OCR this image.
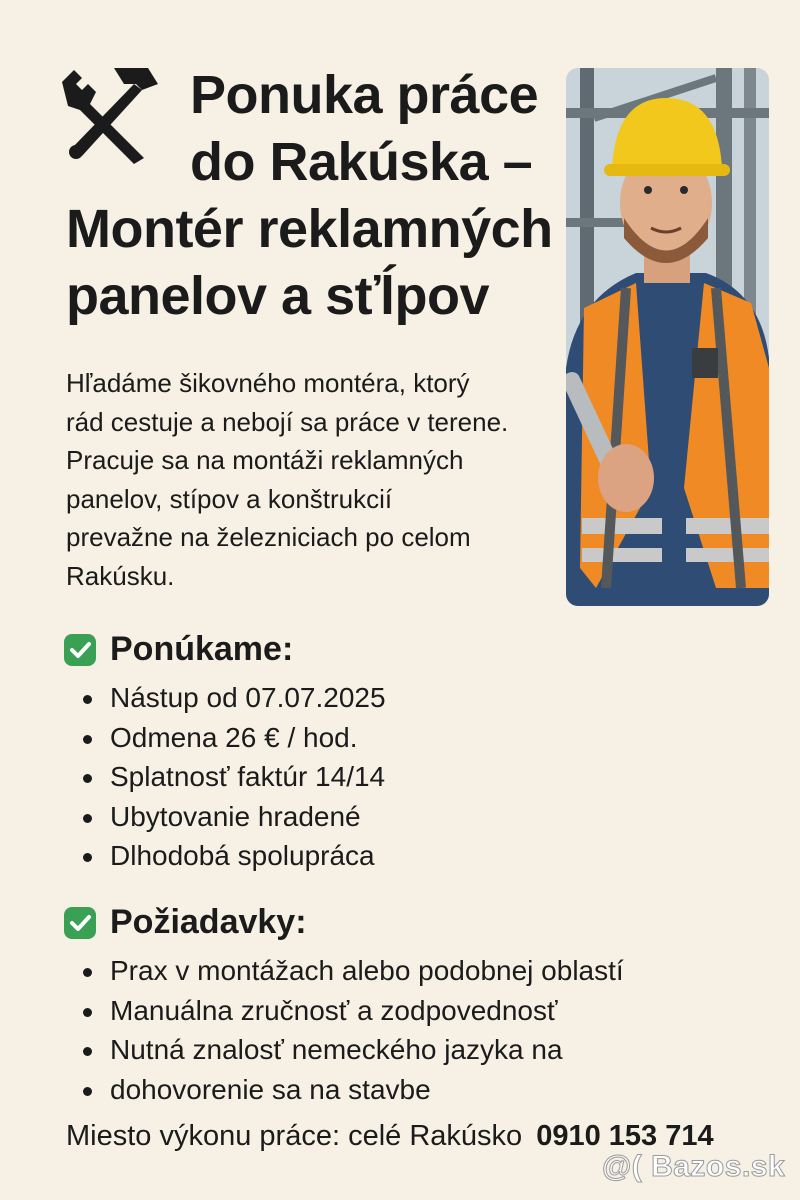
Ponuka práce
do Rakúska –
Montér reklamných
panelov a sťĺpov

Hľadáme šikovného montéra, ktorý
rád cestuje a nebojí sa práce v terene.
Pracuje sa na montáži reklamných
panelov, stípov a konštrukcií
prevažne na železniciach po celom
Rakúsku.

Ponúkame:
Nástup od 07.07.2025
Odmena 26 € / hod.
Splatnosť faktúr 14/14
Ubytovanie hradené
Dlhodobá spolupráca
Požiadavky:
Prax v montážach alebo podobnej oblastí
Manuálna zručnosť a zodpovednosť
Nutná znalosť nemeckého jazyka na
dohovorenie sa na stavbe
Miesto výkonu práce: celé Rakúsko 0910 153 714
@( Bazos.sk
